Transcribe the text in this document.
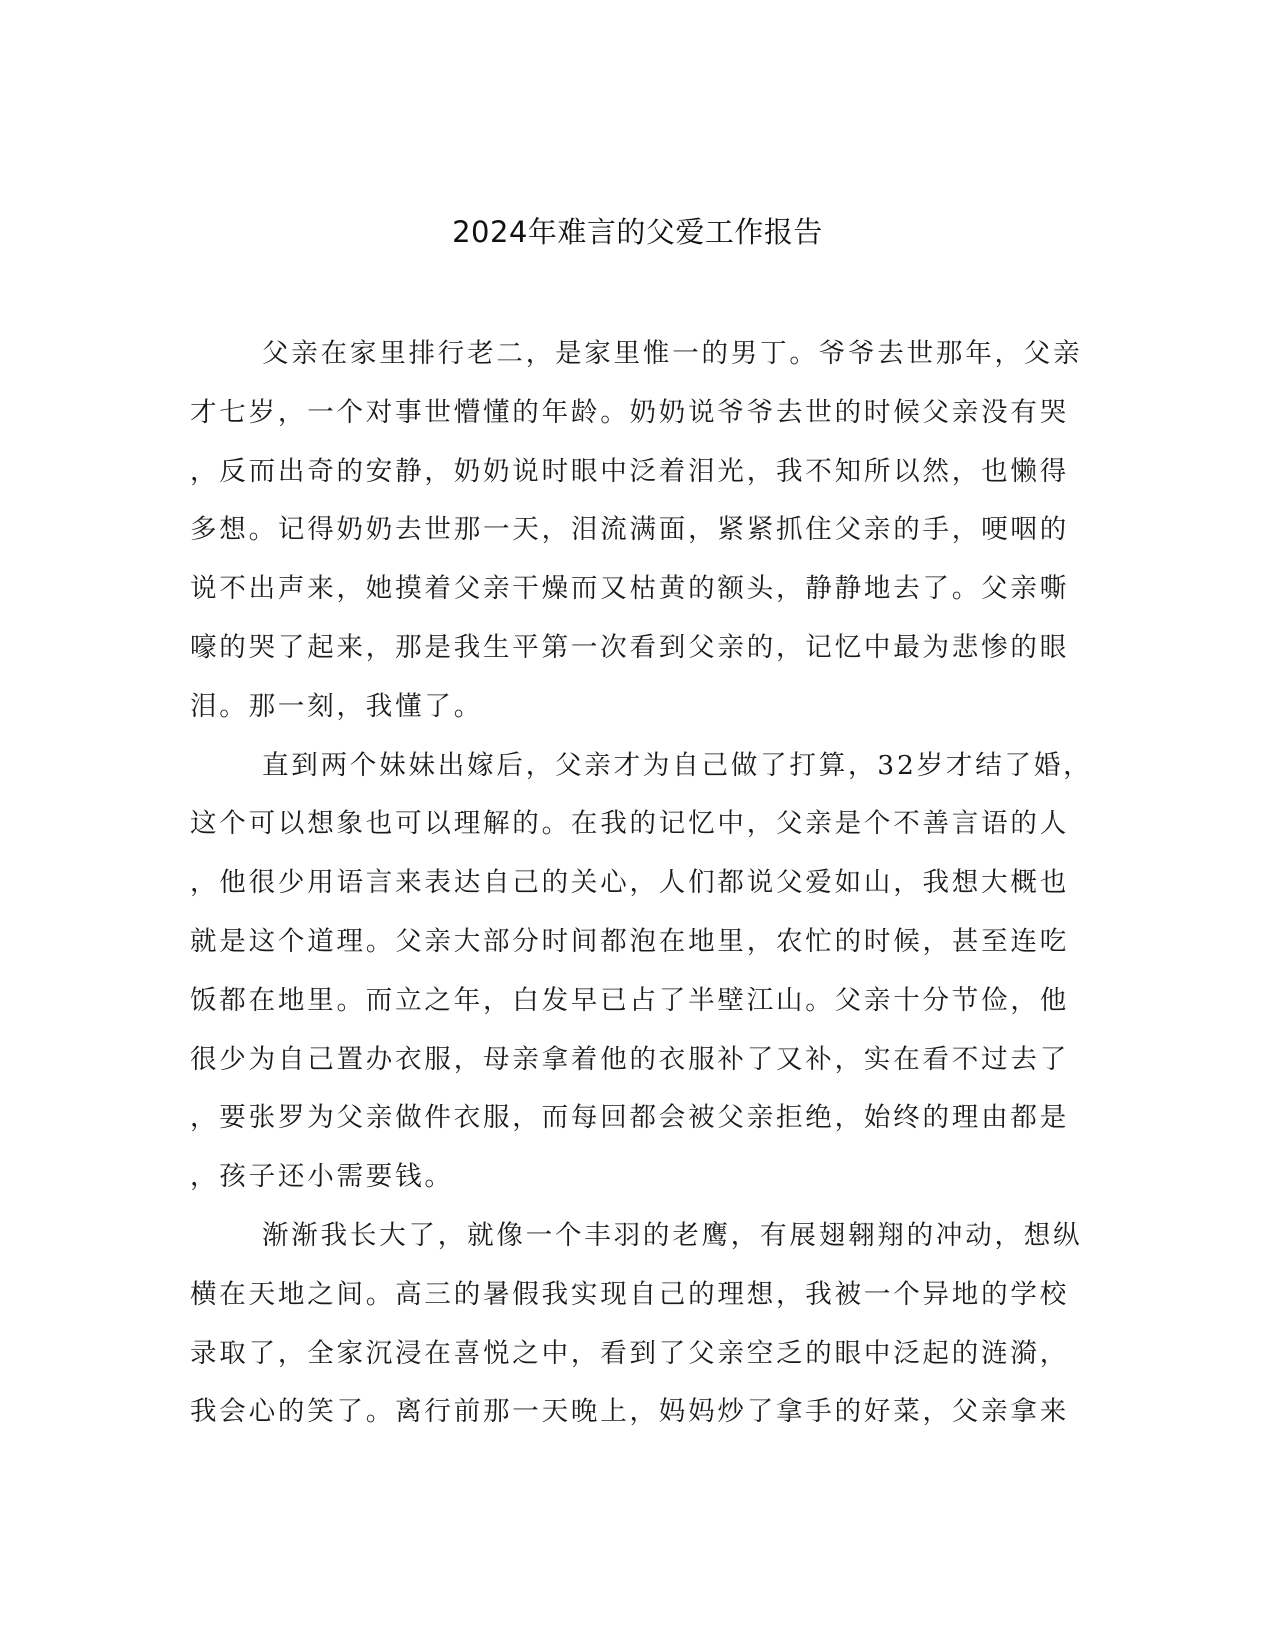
2024年难言的父爱工作报告
父亲在家里排行老二，是家里惟一的男丁。爷爷去世那年，父亲
才七岁，一个对事世懵懂的年龄。奶奶说爷爷去世的时候父亲没有哭
，反而出奇的安静，奶奶说时眼中泛着泪光，我不知所以然，也懒得
多想。记得奶奶去世那一天，泪流满面，紧紧抓住父亲的手，哽咽的
说不出声来，她摸着父亲干燥而又枯黄的额头，静静地去了。父亲嘶
嚎的哭了起来，那是我生平第一次看到父亲的，记忆中最为悲惨的眼
泪。那一刻，我懂了。
直到两个妹妹出嫁后，父亲才为自己做了打算，32岁才结了婚，
这个可以想象也可以理解的。在我的记忆中，父亲是个不善言语的人
，他很少用语言来表达自己的关心，人们都说父爱如山，我想大概也
就是这个道理。父亲大部分时间都泡在地里，农忙的时候，甚至连吃
饭都在地里。而立之年，白发早已占了半壁江山。父亲十分节俭，他
很少为自己置办衣服，母亲拿着他的衣服补了又补，实在看不过去了
，要张罗为父亲做件衣服，而每回都会被父亲拒绝，始终的理由都是
，孩子还小需要钱。
渐渐我长大了，就像一个丰羽的老鹰，有展翅翱翔的冲动，想纵
横在天地之间。高三的暑假我实现自己的理想，我被一个异地的学校
录取了，全家沉浸在喜悦之中，看到了父亲空乏的眼中泛起的涟漪，
我会心的笑了。离行前那一天晚上，妈妈炒了拿手的好菜，父亲拿来
